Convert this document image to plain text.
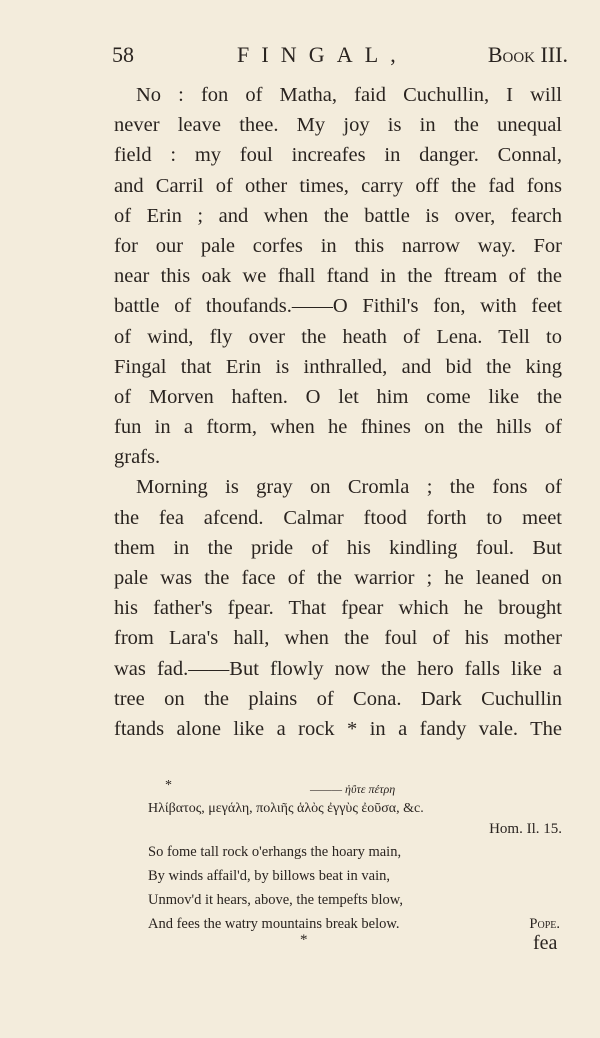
58	FINGAL,	Book III.
No : fon of Matha, faid Cuchullin, I will
never leave thee. My joy is in the unequal
field : my foul increafes in danger. Connal,
and Carril of other times, carry off the fad fons
of Erin ; and when the battle is over, fearch
for our pale corfes in this narrow way. For
near this oak we fhall ftand in the ftream of the
battle of thoufands.——O Fithil's fon, with feet
of wind, fly over the heath of Lena. Tell to
Fingal that Erin is inthralled, and bid the king
of Morven haften. O let him come like the
fun in a ftorm, when he fhines on the hills of
grafs.
Morning is gray on Cromla ; the fons of
the fea afcend. Calmar ftood forth to meet
them in the pride of his kindling foul. But
pale was the face of the warrior ; he leaned on
his father's fpear. That fpear which he brought
from Lara's hall, when the foul of his mother
was fad.——But flowly now the hero falls like a
tree on the plains of Cona. Dark Cuchullin
ftands alone like a rock * in a fandy vale. The
*	——— ἠΰτε πέτρη
Ηλίβατος, μεγάλη, πολιῆς ἁλὸς ἐγγὺς ἐοῦσα, &c.
Hom. Il. 15.
So fome tall rock o'erhangs the hoary main,
By winds affail'd, by billows beat in vain,
Unmov'd it hears, above, the tempefts blow,
And fees the watry mountains break below.	Pope.
*	fea
